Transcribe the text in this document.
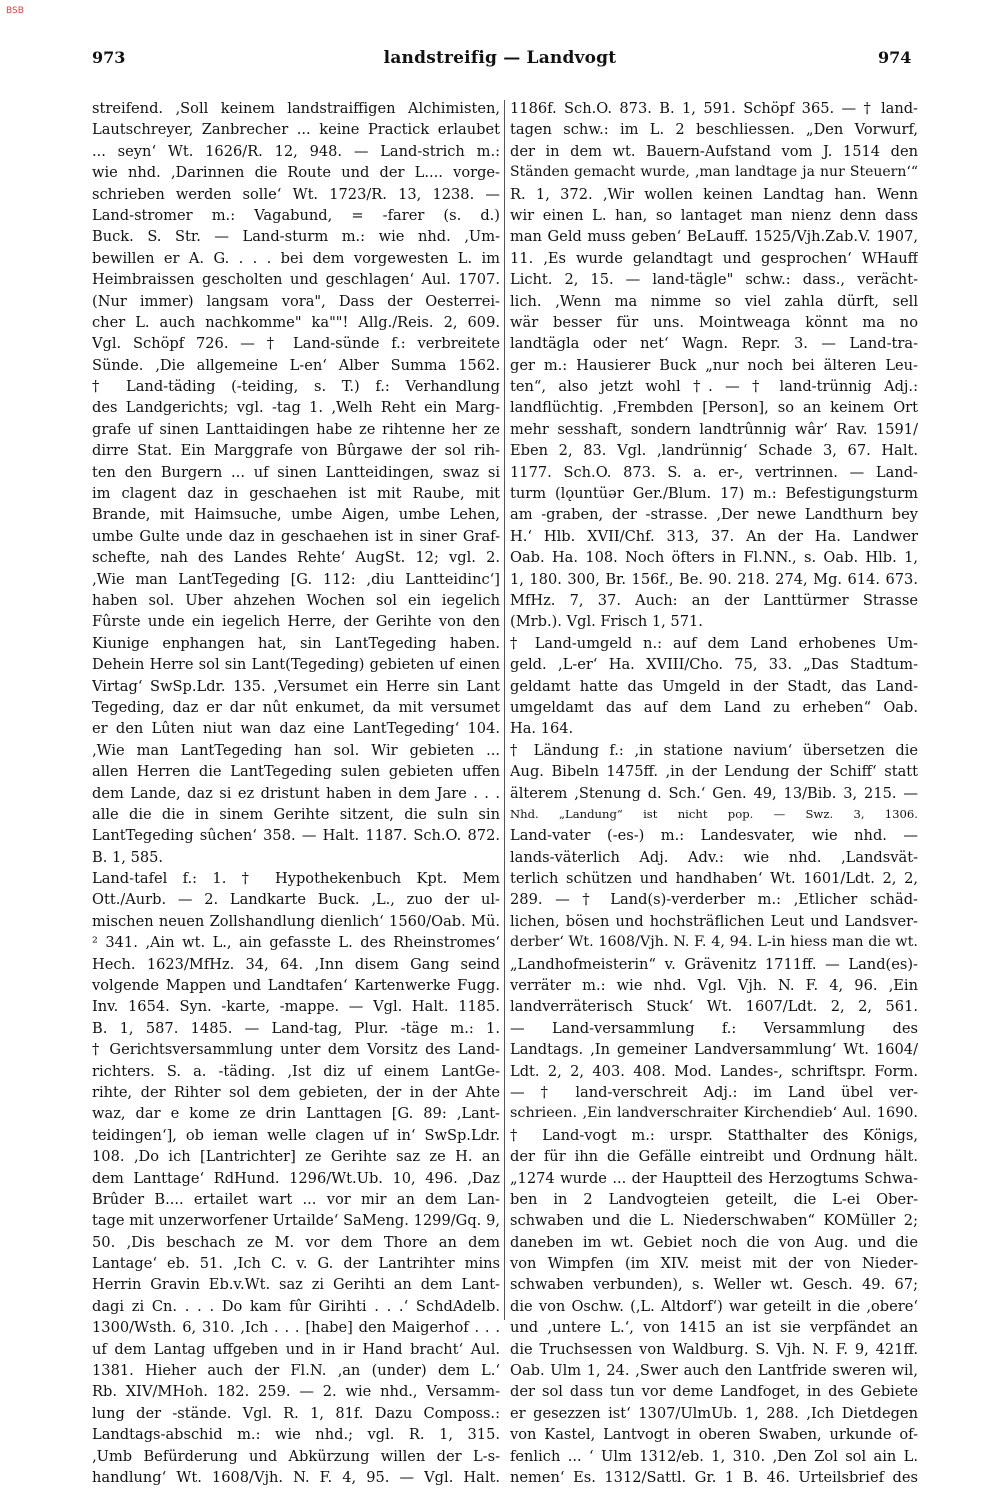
BSB
973	landstreifig — Landvogt	974
streifend. ‚Soll keinem landstraiffigen Alchimisten,
Lautschreyer, Zanbrecher ... keine Practick erlaubet
... seyn‘ Wt. 1626/R. 12, 948. — Land-strich m.:
wie nhd. ‚Darinnen die Route und der L.... vorge-
schrieben werden solle‘ Wt. 1723/R. 13, 1238. —
Land-stromer m.: Vagabund, = -farer (s. d.)
Buck. S. Str. — Land-sturm m.: wie nhd. ‚Um-
bewillen er A. G. . . . bei dem vorgewesten L. im
Heimbraissen gescholten und geschlagen‘ Aul. 1707.
(Nur immer) langsam vora", Dass der Oesterrei-
cher L. auch nachkomme" ka""! Allg./Reis. 2, 609.
Vgl. Schöpf 726. — † Land-sünde f.: verbreitete
Sünde. ‚Die allgemeine L-en‘ Alber Summa 1562.
† Land-täding (-teiding, s. T.) f.: Verhandlung
des Landgerichts; vgl. -tag 1. ‚Welh Reht ein Marg-
grafe uf sinen Lanttaidingen habe ze rihtenne her ze
dirre Stat. Ein Marggrafe von Bûrgawe der sol rih-
ten den Burgern ... uf sinen Lantteidingen, swaz si
im clagent daz in geschaehen ist mit Raube, mit
Brande, mit Haimsuche, umbe Aigen, umbe Lehen,
umbe Gulte unde daz in geschaehen ist in siner Graf-
schefte, nah des Landes Rehte‘ AugSt. 12; vgl. 2.
‚Wie man LantTegeding [G. 112: ‚diu Lantteidinc‘]
haben sol. Uber ahzehen Wochen sol ein iegelich
Fûrste unde ein iegelich Herre, der Gerihte von den
Kiunige enphangen hat, sin LantTegeding haben.
Dehein Herre sol sin Lant(Tegeding) gebieten uf einen
Virtag‘ SwSp.Ldr. 135. ‚Versumet ein Herre sin Lant
Tegeding, daz er dar nût enkumet, da mit versumet
er den Lûten niut wan daz eine LantTegeding‘ 104.
‚Wie man LantTegeding han sol. Wir gebieten ...
allen Herren die LantTegeding sulen gebieten uffen
dem Lande, daz si ez dristunt haben in dem Jare . . .
alle die die in sinem Gerihte sitzent, die suln sin
LantTegeding sûchen‘ 358. — Halt. 1187. Sch.O. 872.
B. 1, 585.
Land-tafel f.: 1. † Hypothekenbuch Kpt. Mem
Ott./Aurb. — 2. Landkarte Buck. ‚L., zuo der ul-
mischen neuen Zollshandlung dienlich‘ 1560/Oab. Mü.
² 341. ‚Ain wt. L., ain gefasste L. des Rheinstromes‘
Hech. 1623/MfHz. 34, 64. ‚Inn disem Gang seind
volgende Mappen und Landtafen‘ Kartenwerke Fugg.
Inv. 1654. Syn. -karte, -mappe. — Vgl. Halt. 1185.
B. 1, 587. 1485. — Land-tag, Plur. -täge m.: 1.
† Gerichtsversammlung unter dem Vorsitz des Land-
richters. S. a. -täding. ‚Ist diz uf einem LantGe-
rihte, der Rihter sol dem gebieten, der in der Ahte
waz, dar e kome ze drin Lanttagen [G. 89: ‚Lant-
teidingen‘], ob ieman welle clagen uf in‘ SwSp.Ldr.
108. ‚Do ich [Lantrichter] ze Gerihte saz ze H. an
dem Lanttage‘ RdHund. 1296/Wt.Ub. 10, 496. ‚Daz
Brûder B.... ertailet wart ... vor mir an dem Lan-
tage mit unzerworfener Urtailde‘ SaMeng. 1299/Gq. 9,
50. ‚Dis beschach ze M. vor dem Thore an dem
Lantage‘ eb. 51. ‚Ich C. v. G. der Lantrihter mins
Herrin Gravin Eb.v.Wt. saz zi Gerihti an dem Lant-
dagi zi Cn. . . . Do kam fûr Girihti . . .‘ SchdAdelb.
1300/Wsth. 6, 310. ‚Ich . . . [habe] den Maigerhof . . .
uf dem Lantag uffgeben und in ir Hand bracht‘ Aul.
1381. Hieher auch der Fl.N. ‚an (under) dem L.‘
Rb. XIV/MHoh. 182. 259. — 2. wie nhd., Versamm-
lung der -stände. Vgl. R. 1, 81f. Dazu Composs.:
Landtags-abschid m.: wie nhd.; vgl. R. 1, 315.
‚Umb Befürderung und Abkürzung willen der L-s-
handlung‘ Wt. 1608/Vjh. N. F. 4, 95. — Vgl. Halt.
1186f. Sch.O. 873. B. 1, 591. Schöpf 365. — † land-
tagen schw.: im L. 2 beschliessen. „Den Vorwurf,
der in dem wt. Bauern-Aufstand vom J. 1514 den
Ständen gemacht wurde, ‚man landtage ja nur Steuern‘“
R. 1, 372. ‚Wir wollen keinen Landtag han. Wenn
wir einen L. han, so lantaget man nienz denn dass
man Geld muss geben‘ BeLauff. 1525/Vjh.Zab.V. 1907,
11. ‚Es wurde gelandtagt und gesprochen‘ WHauff
Licht. 2, 15. — land-tägle" schw.: dass., verächt-
lich. ‚Wenn ma nimme so viel zahla dürft, sell
wär besser für uns. Mointweaga könnt ma no
landtägla oder net‘ Wagn. Repr. 3. — Land-tra-
ger m.: Hausierer Buck „nur noch bei älteren Leu-
ten“, also jetzt wohl †. — † land-trünnig Adj.:
landflüchtig. ‚Frembden [Person], so an keinem Ort
mehr sesshaft, sondern landtrûnnig wâr‘ Rav. 1591/
Eben 2, 83. Vgl. ‚landrünnig‘ Schade 3, 67. Halt.
1177. Sch.O. 873. S. a. er-, vertrinnen. — Land-
turm (lǫuntüər Ger./Blum. 17) m.: Befestigungsturm
am -graben, der -strasse. ‚Der newe Landthurn bey
H.‘ Hlb. XVII/Chf. 313, 37. An der Ha. Landwer
Oab. Ha. 108. Noch öfters in Fl.NN., s. Oab. Hlb. 1,
1, 180. 300, Br. 156f., Be. 90. 218. 274, Mg. 614. 673.
MfHz. 7, 37. Auch: an der Lanttürmer Strasse
(Mrb.). Vgl. Frisch 1, 571.
† Land-umgeld n.: auf dem Land erhobenes Um-
geld. ‚L-er‘ Ha. XVIII/Cho. 75, 33. „Das Stadtum-
geldamt hatte das Umgeld in der Stadt, das Land-
umgeldamt das auf dem Land zu erheben“ Oab.
Ha. 164.
† Ländung f.: ‚in statione navium‘ übersetzen die
Aug. Bibeln 1475ff. ‚in der Lendung der Schiff‘ statt
älterem ‚Stenung d. Sch.‘ Gen. 49, 13/Bib. 3, 215. —
Nhd. „Landung“ ist nicht pop. — Swz. 3, 1306.
Land-vater (-es-) m.: Landesvater, wie nhd. —
lands-väterlich Adj. Adv.: wie nhd. ‚Landsvät-
terlich schützen und handhaben‘ Wt. 1601/Ldt. 2, 2,
289. — † Land(s)-verderber m.: ‚Etlicher schäd-
lichen, bösen und hochsträflichen Leut und Landsver-
derber‘ Wt. 1608/Vjh. N. F. 4, 94. L-in hiess man die wt.
„Landhofmeisterin“ v. Grävenitz 1711ff. — Land(es)-
verräter m.: wie nhd. Vgl. Vjh. N. F. 4, 96. ‚Ein
landverräterisch Stuck‘ Wt. 1607/Ldt. 2, 2, 561.
— Land-versammlung f.: Versammlung des
Landtags. ‚In gemeiner Landversammlung‘ Wt. 1604/
Ldt. 2, 2, 403. 408. Mod. Landes-, schriftspr. Form.
— † land-verschreit Adj.: im Land übel ver-
schrieen. ‚Ein landverschraiter Kirchendieb‘ Aul. 1690.
† Land-vogt m.: urspr. Statthalter des Königs,
der für ihn die Gefälle eintreibt und Ordnung hält.
„1274 wurde ... der Hauptteil des Herzogtums Schwa-
ben in 2 Landvogteien geteilt, die L-ei Ober-
schwaben und die L. Niederschwaben“ KOMüller 2;
daneben im wt. Gebiet noch die von Aug. und die
von Wimpfen (im XIV. meist mit der von Nieder-
schwaben verbunden), s. Weller wt. Gesch. 49. 67;
die von Oschw. (‚L. Altdorf‘) war geteilt in die ‚obere‘
und ‚untere L.‘, von 1415 an ist sie verpfändet an
die Truchsessen von Waldburg. S. Vjh. N. F. 9, 421ff.
Oab. Ulm 1, 24. ‚Swer auch den Lantfride sweren wil,
der sol dass tun vor deme Landfoget, in des Gebiete
er gesezzen ist‘ 1307/UlmUb. 1, 288. ‚Ich Dietdegen
von Kastel, Lantvogt in oberen Swaben, urkunde of-
fenlich ... ‘ Ulm 1312/eb. 1, 310. ‚Den Zol sol ain L.
nemen‘ Es. 1312/Sattl. Gr. 1 B. 46. Urteilsbrief des
